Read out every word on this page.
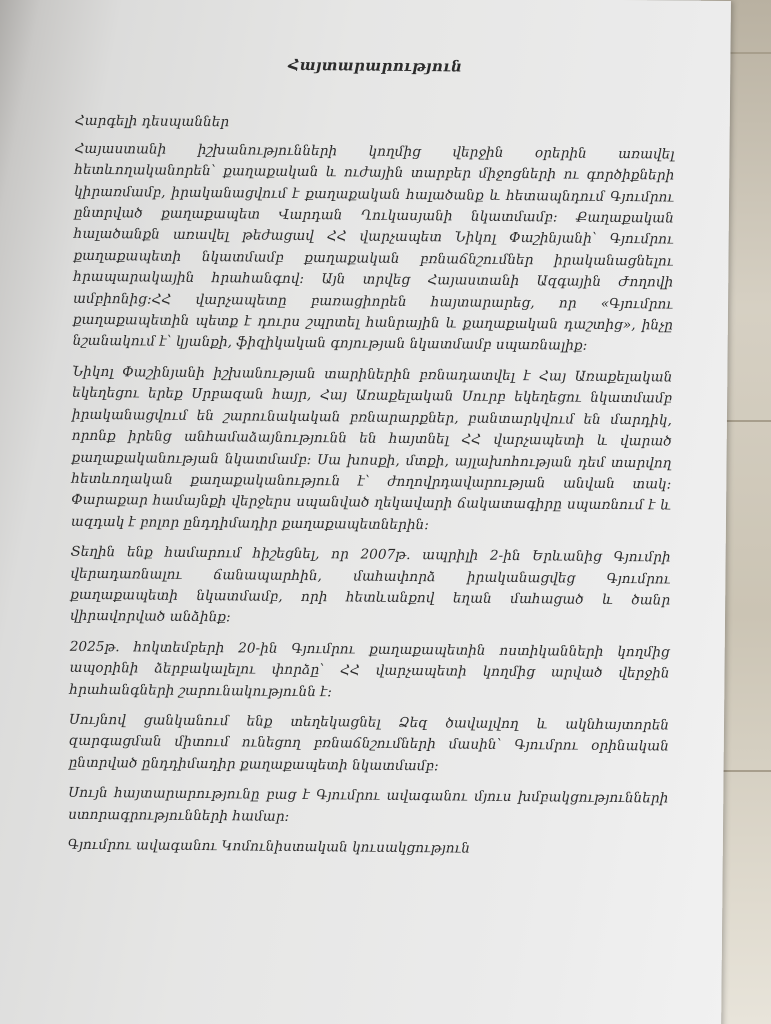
Հայտարարություն
Հարգելի դեսպաններ
Հայաստանի իշխանությունների կողմից վերջին օրերին առավել հետևողականորեն՝ քաղաքական և ուժային տարբեր միջոցների ու գործիքների կիրառմամբ, իրականացվում է քաղաքական հալածանք և հետապնդում Գյումրու ընտրված քաղաքապետ Վարդան Ղուկասյանի նկատմամբ: Քաղաքական հալածանքն առավել թեժացավ ՀՀ վարչապետ Նիկոլ Փաշինյանի՝ Գյումրու քաղաքապետի նկատմամբ քաղաքական բռնաճնշումներ իրականացնելու հրապարակային հրահանգով: Այն տրվեց Հայաստանի Ազգային Ժողովի ամբիոնից:ՀՀ վարչապետը բառացիորեն հայտարարեց, որ «Գյումրու քաղաքապետին պետք է դուրս շպրտել հանրային և քաղաքական դաշտից», ինչը նշանակում է՝ կյանքի, ֆիզիկական գոյության նկատմամբ սպառնալիք:
Նիկոլ Փաշինյանի իշխանության տարիներին բռնադատվել է Հայ Առաքելական եկեղեցու երեք Սրբազան հայր, Հայ Առաքելական Սուրբ եկեղեցու նկատմամբ իրականացվում են շարունակական բռնարարքներ, բանտարկվում են մարդիկ, որոնք իրենց անհամաձայնությունն են հայտնել ՀՀ վարչապետի և վարած քաղաքականության նկատմամբ: Սա խոսքի, մտքի, այլախոհության դեմ տարվող հետևողական քաղաքականություն է՝ ժողովրդավարության անվան տակ: Փարաքար համայնքի վերջերս սպանված ղեկավարի ճակատագիրը սպառնում է և ազդակ է բոլոր ընդդիմադիր քաղաքապետներին:
Տեղին ենք համարում հիշեցնել, որ 2007թ. ապրիլի 2-ին Երևանից Գյումրի վերադառնալու ճանապարհին, մահափորձ իրականացվեց Գյումրու քաղաքապետի նկատմամբ, որի հետևանքով եղան մահացած և ծանր վիրավորված անձինք:
2025թ. հոկտեմբերի 20-ին Գյումրու քաղաքապետին ոստիկանների կողմից ապօրինի ձերբակալելու փորձը՝ ՀՀ վարչապետի կողմից արված վերջին հրահանգների շարունակությունն է:
Սույնով ցանկանում ենք տեղեկացնել Ձեզ ծավալվող և ակնհայտորեն զարգացման միտում ունեցող բռնաճնշումների մասին՝ Գյումրու օրինական ընտրված ընդդիմադիր քաղաքապետի նկատմամբ:
Սույն հայտարարությունը բաց է Գյումրու ավագանու մյուս խմբակցությունների ստորագրությունների համար:
Գյումրու ավագանու Կոմունիստական կուսակցություն
